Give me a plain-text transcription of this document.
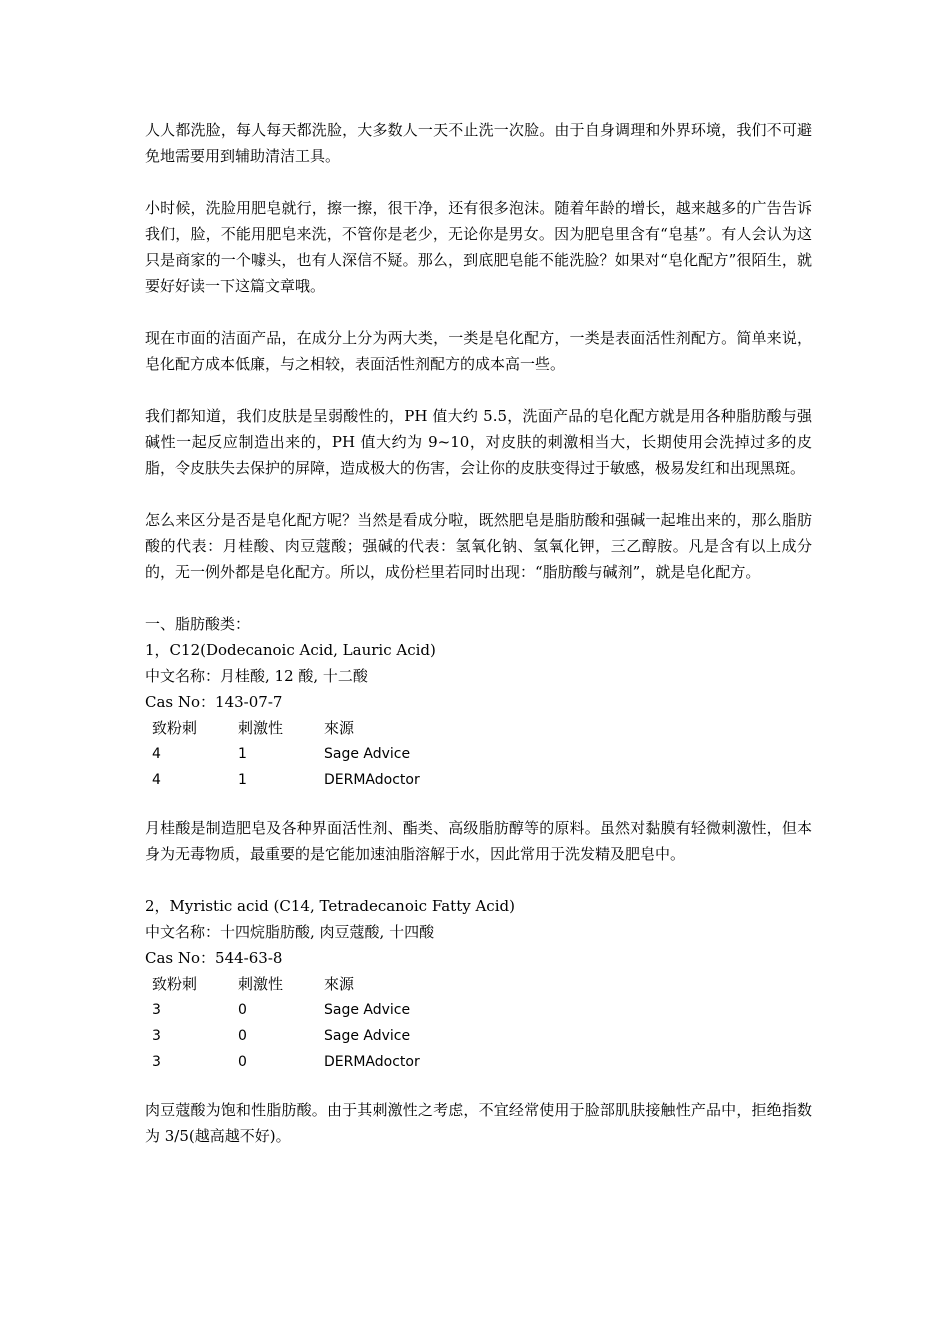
人人都洗脸，每人每天都洗脸，大多数人一天不止洗一次脸。由于自身调理和外界环境，我们不可避免地需要用到辅助清洁工具。

小时候，洗脸用肥皂就行，擦一擦，很干净，还有很多泡沫。随着年龄的增长，越来越多的广告告诉我们，脸，不能用肥皂来洗，不管你是老少，无论你是男女。因为肥皂里含有“皂基”。有人会认为这只是商家的一个噱头，也有人深信不疑。那么，到底肥皂能不能洗脸？如果对“皂化配方”很陌生，就要好好读一下这篇文章哦。

现在市面的洁面产品，在成分上分为两大类，一类是皂化配方，一类是表面活性剂配方。简单来说，皂化配方成本低廉，与之相较，表面活性剂配方的成本高一些。

我们都知道，我们皮肤是呈弱酸性的，PH 值大约 5.5，洗面产品的皂化配方就是用各种脂肪酸与强碱性一起反应制造出来的，PH 值大约为 9~10，对皮肤的刺激相当大，长期使用会洗掉过多的皮脂，令皮肤失去保护的屏障，造成极大的伤害，会让你的皮肤变得过于敏感，极易发红和出现黑斑。

怎么来区分是否是皂化配方呢？当然是看成分啦，既然肥皂是脂肪酸和强碱一起堆出来的，那么脂肪酸的代表：月桂酸、肉豆蔻酸；强碱的代表：氢氧化钠、氢氧化钾，三乙醇胺。凡是含有以上成分的，无一例外都是皂化配方。所以，成份栏里若同时出现：“脂肪酸与碱剂”，就是皂化配方。

一、脂肪酸类：

1，C12(Dodecanoic Acid, Lauric Acid)

中文名称：月桂酸, 12 酸, 十二酸

Cas No：143-07-7

致粉刺	刺激性	來源
4	1	Sage Advice
4	1	DERMAdoctor

月桂酸是制造肥皂及各种界面活性剂、酯类、高级脂肪醇等的原料。虽然对黏膜有轻微刺激性，但本身为无毒物质，最重要的是它能加速油脂溶解于水，因此常用于洗发精及肥皂中。

2，Myristic acid (C14, Tetradecanoic Fatty Acid)

中文名称：十四烷脂肪酸, 肉豆蔻酸, 十四酸

Cas No：544-63-8

致粉刺	刺激性	來源
3	0	Sage Advice
3	0	Sage Advice
3	0	DERMAdoctor

肉豆蔻酸为饱和性脂肪酸。由于其刺激性之考虑，不宜经常使用于脸部肌肤接触性产品中，拒绝指数为 3/5(越高越不好)。
